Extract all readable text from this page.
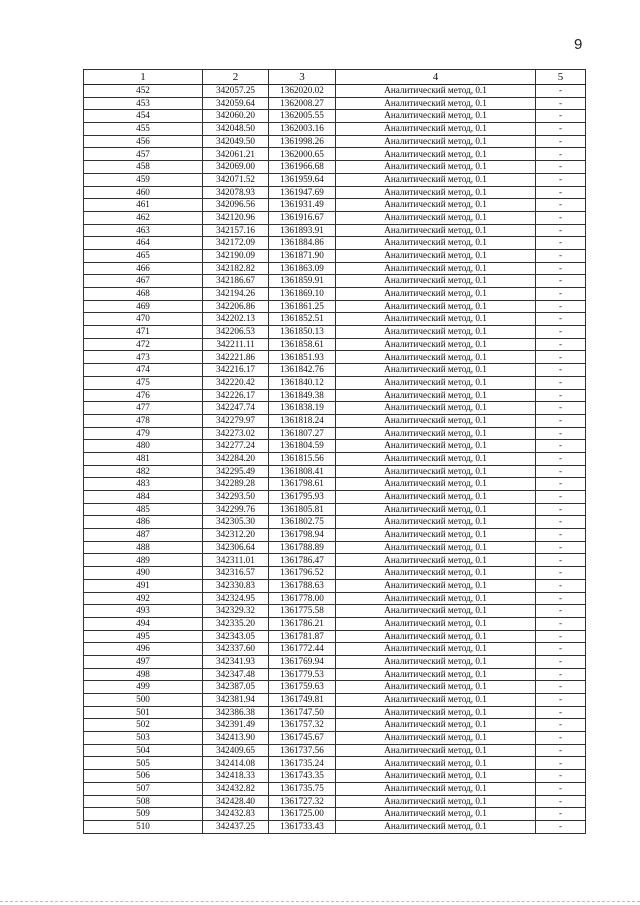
9
1	2	3	4	5
452	342057.25	1362020.02	Аналитический метод, 0.1	-
453	342059.64	1362008.27	Аналитический метод, 0.1	-
454	342060.20	1362005.55	Аналитический метод, 0.1	-
455	342048.50	1362003.16	Аналитический метод, 0.1	-
456	342049.50	1361998.26	Аналитический метод, 0.1	-
457	342061.21	1362000.65	Аналитический метод, 0.1	-
458	342069.00	1361966.68	Аналитический метод, 0.1	-
459	342071.52	1361959.64	Аналитический метод, 0.1	-
460	342078.93	1361947.69	Аналитический метод, 0.1	-
461	342096.56	1361931.49	Аналитический метод, 0.1	-
462	342120.96	1361916.67	Аналитический метод, 0.1	-
463	342157.16	1361893.91	Аналитический метод, 0.1	-
464	342172.09	1361884.86	Аналитический метод, 0.1	-
465	342190.09	1361871.90	Аналитический метод, 0.1	-
466	342182.82	1361863.09	Аналитический метод, 0.1	-
467	342186.67	1361859.91	Аналитический метод, 0.1	-
468	342194.26	1361869.10	Аналитический метод, 0.1	-
469	342206.86	1361861.25	Аналитический метод, 0.1	-
470	342202.13	1361852.51	Аналитический метод, 0.1	-
471	342206.53	1361850.13	Аналитический метод, 0.1	-
472	342211.11	1361858.61	Аналитический метод, 0.1	-
473	342221.86	1361851.93	Аналитический метод, 0.1	-
474	342216.17	1361842.76	Аналитический метод, 0.1	-
475	342220.42	1361840.12	Аналитический метод, 0.1	-
476	342226.17	1361849.38	Аналитический метод, 0.1	-
477	342247.74	1361838.19	Аналитический метод, 0.1	-
478	342279.97	1361818.24	Аналитический метод, 0.1	-
479	342273.02	1361807.27	Аналитический метод, 0.1	-
480	342277.24	1361804.59	Аналитический метод, 0.1	-
481	342284.20	1361815.56	Аналитический метод, 0.1	-
482	342295.49	1361808.41	Аналитический метод, 0.1	-
483	342289.28	1361798.61	Аналитический метод, 0.1	-
484	342293.50	1361795.93	Аналитический метод, 0.1	-
485	342299.76	1361805.81	Аналитический метод, 0.1	-
486	342305.30	1361802.75	Аналитический метод, 0.1	-
487	342312.20	1361798.94	Аналитический метод, 0.1	-
488	342306.64	1361788.89	Аналитический метод, 0.1	-
489	342311.01	1361786.47	Аналитический метод, 0.1	-
490	342316.57	1361796.52	Аналитический метод, 0.1	-
491	342330.83	1361788.63	Аналитический метод, 0.1	-
492	342324.95	1361778.00	Аналитический метод, 0.1	-
493	342329.32	1361775.58	Аналитический метод, 0.1	-
494	342335.20	1361786.21	Аналитический метод, 0.1	-
495	342343.05	1361781.87	Аналитический метод, 0.1	-
496	342337.60	1361772.44	Аналитический метод, 0.1	-
497	342341.93	1361769.94	Аналитический метод, 0.1	-
498	342347.48	1361779.53	Аналитический метод, 0.1	-
499	342387.05	1361759.63	Аналитический метод, 0.1	-
500	342381.94	1361749.81	Аналитический метод, 0.1	-
501	342386.38	1361747.50	Аналитический метод, 0.1	-
502	342391.49	1361757.32	Аналитический метод, 0.1	-
503	342413.90	1361745.67	Аналитический метод, 0.1	-
504	342409.65	1361737.56	Аналитический метод, 0.1	-
505	342414.08	1361735.24	Аналитический метод, 0.1	-
506	342418.33	1361743.35	Аналитический метод, 0.1	-
507	342432.82	1361735.75	Аналитический метод, 0.1	-
508	342428.40	1361727.32	Аналитический метод, 0.1	-
509	342432.83	1361725.00	Аналитический метод, 0.1	-
510	342437.25	1361733.43	Аналитический метод, 0.1	-
